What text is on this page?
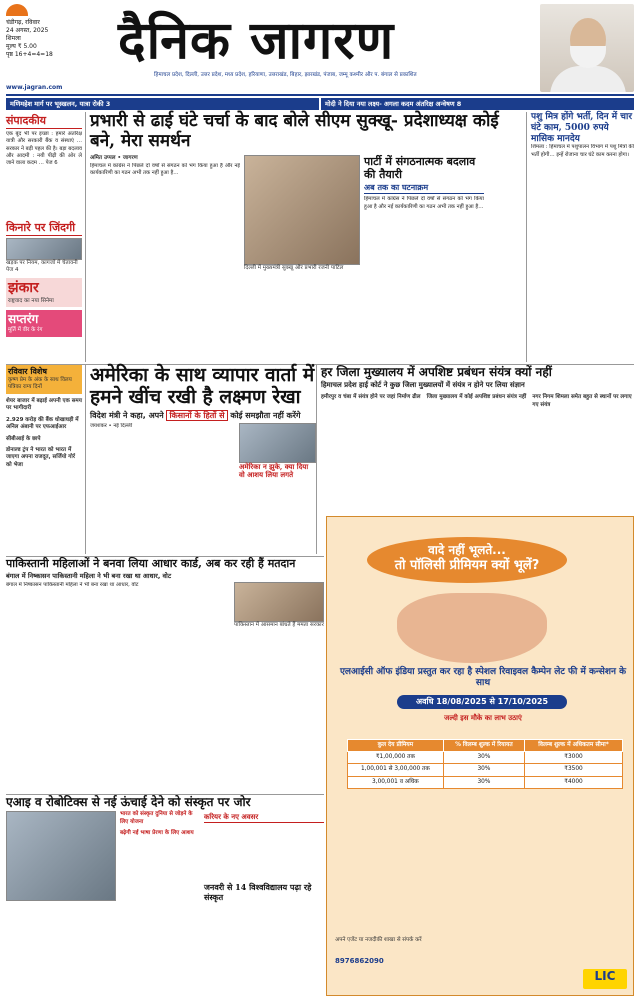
चंडीगढ़, रविवार
24 अगस्त, 2025
शिमला
मूल्य ₹ 5.00
पृष्ठ 16+4=4=18	दैनिक जागरण
हिमाचल प्रदेश, दिल्ली, उत्तर प्रदेश, मध्य प्रदेश, हरियाणा, उत्तराखंड, बिहार, झारखंड, पंजाब, जम्मू कश्मीर और प. बंगाल से प्रकाशित
www.jagran.com
मणिमहेश मार्ग पर भूस्खलन, यात्रा रोकी 3	मोदी ने दिया नया लक्ष्य- अगला कदम अंतरिक्ष अन्वेषण 8
संपादकीय
एक बूंद भी पर इच्छा : हमारे अंतरिक्ष यात्री और सरकारी बैंक व संस्थाएं … सरकार ने बड़ी पहल की है। बड़ा बदलाव और आदमी : नयी पीढ़ी की ओर ले जाने वाला कदम … पेज 6
किनारे पर जिंदगी
खड़क पर नियम, कागजों में चेतावनी
पेज 4
झंकार
राष्ट्रवाद का नया सिनेमा
सप्तरंग
मूर्ति में वीर के रंग
प्रभारी से ढाई घंटे चर्चा के बाद बोले सीएम सुक्खू- प्रदेशाध्यक्ष कोई बने, मेरा समर्थन
अमित उप्पल • जागरण
हिमाचल में कांग्रेस ने पिछले दो वर्षों से संगठन को भंग किया हुआ है और नई कार्यकारिणी का गठन अभी तक नहीं हुआ है…
दिल्ली में मुख्यमंत्री सुक्खू और प्रभारी रजनी पाटिल
पार्टी में संगठनात्मक बदलाव की तैयारी
अब तक का घटनाक्रम
हिमाचल में कांग्रेस ने पिछले दो वर्षों से संगठन को भंग किया हुआ है और नई कार्यकारिणी का गठन अभी तक नहीं हुआ है…
पशु मित्र होंगे भर्ती, दिन में चार घंटे काम, 5000 रुपये मासिक मानदेय
शिमला : हिमाचल में पशुपालन विभाग में पशु मित्रों की भर्ती होगी… इन्हें रोजाना चार घंटे काम करना होगा।
रविवार विशेष
कृष्ण प्रेम के अंक के साथ विलय पत्रिका राग्य दिनों
शेयर बाजार में बढ़ाई अपनी एक समय पर भागीदारी
2.929 करोड़ की बैंक धोखाधड़ी में अनिल अंबानी पर एफआईआर
सीबीआई के छापे
डोनाल्ड ट्रंप ने भारत को भारत में जाएगा अपना राजदूत, सर्जियो गोर्र को भेजा
अमेरिका के साथ व्यापार वार्ता में हमने खींच रखी है लक्ष्मण रेखा
विदेश मंत्री ने कहा, अपने किसानों के हितों से कोई समझौता नहीं करेंगे
जयशंकर • नई दिल्ली
अमेरिका न झुके, क्या दिया वो आशय लिया लगते
हर जिला मुख्यालय में अपशिष्ट प्रबंधन संयंत्र क्यों नहीं
हिमाचल प्रदेश हाई कोर्ट ने कुछ जिला मुख्यालयों में संयंत्र न होने पर लिया संज्ञान
हमीरपुर व चंबा में संयंत्र होने पर जहां निर्माण ढील	जिला मुख्यालय में कोई अपशिष्ट प्रबंधन संयंत्र नहीं	नगर निगम शिमला समेत बहुत से स्थानों पर लगाए गए संयंत्र
पाकिस्तानी महिलाओं ने बनवा लिया आधार कार्ड, अब कर रही हैं मतदान
बंगाल में निष्कासन पाकिस्तानी महिला ने भी बना रखा था आधार, वोट
बंगाल में निष्कासन पाकिस्तानी महिला ने भी बना रखा था आधार, वोट
पाकिस्तान में आसमान बांधते हैं ममता सरकार
एआइ व रोबोटिक्स से नई ऊंचाई देने को संस्कृत पर जोर
भारत को संस्कृत दुनिया से जोड़ने के लिए योजना
बढ़ेगी नई भाषा प्रेरणा के लिए आशय
करियर के नए अवसर
जनवरी से 14 विश्वविद्यालय पढ़ा रहे संस्कृत
वादे नहीं भूलते...
तो पॉलिसी प्रीमियम क्यों भूलें?
एलआईसी ऑफ इंडिया प्रस्तुत कर रहा है स्पेशल रिवाइवल कैम्पेन लेट फी में कन्सेशन के साथ
अवधि 18/08/2025 से 17/10/2025
जल्दी इस मौके का लाभ उठाएं
कुल देय प्रीमियम	% विलम्ब शुल्क में रियायत	विलम्ब शुल्क में अधिकतम सीमा*
₹1,00,000 तक	30%	₹3000
1,00,001 से 3,00,000 तक	30%	₹3500
3,00,001 व अधिक	30%	₹4000
अपने एजेंट या नजदीकी शाखा से संपर्क करें
8976862090
LIC
